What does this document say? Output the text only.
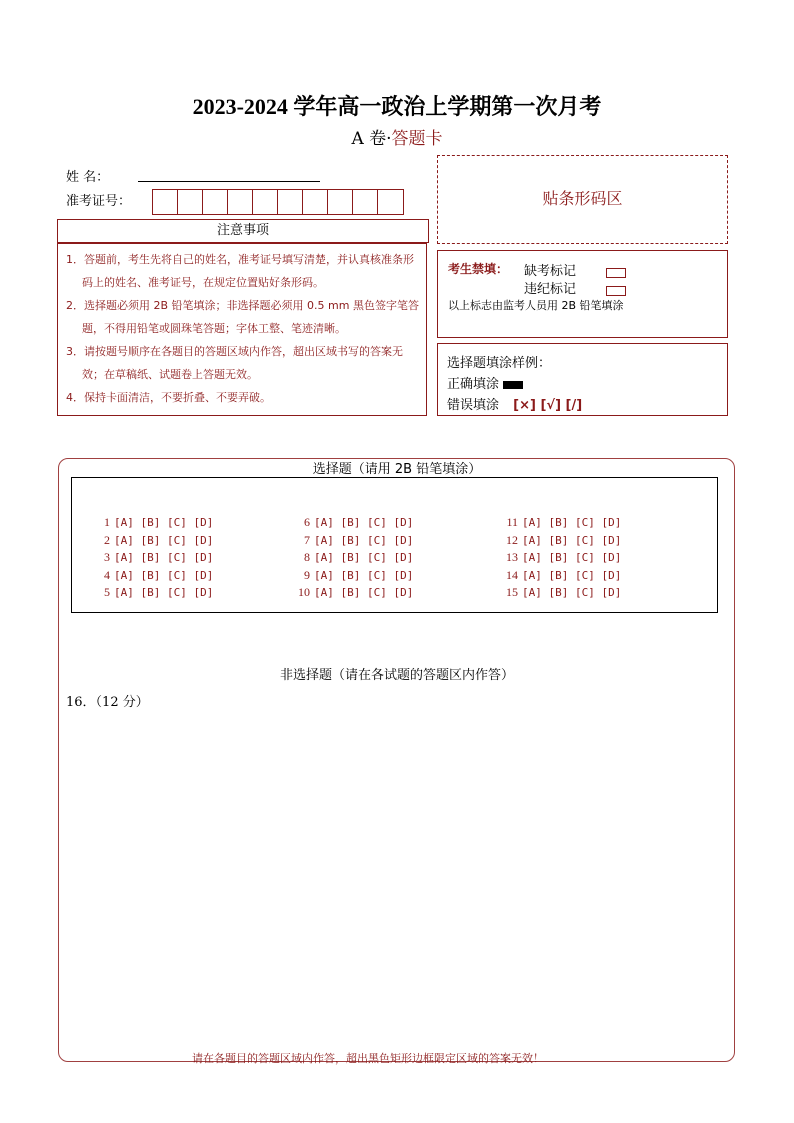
2023-2024 学年高一政治上学期第一次月考
A 卷·答题卡
姓 名：
准考证号：
注意事项
1．答题前，考生先将自己的姓名，准考证号填写清楚，并认真核准条形码上的姓名、准考证号，在规定位置贴好条形码。
2．选择题必须用 2B 铅笔填涂；非选择题必须用 0.5 mm 黑色签字笔答题，不得用铅笔或圆珠笔答题；字体工整、笔迹清晰。
3．请按题号顺序在各题目的答题区域内作答，超出区域书写的答案无效；在草稿纸、试题卷上答题无效。
4．保持卡面清洁，不要折叠、不要弄破。
贴条形码区
考生禁填： 缺考标记
违纪标记
以上标志由监考人员用 2B 铅笔填涂
选择题填涂样例：
正确填涂
错误填涂 [×] [√] [/]
选择题（请用 2B 铅笔填涂）
1 [A] [B] [C] [D]
2 [A] [B] [C] [D]
3 [A] [B] [C] [D]
4 [A] [B] [C] [D]
5 [A] [B] [C] [D]
6 [A] [B] [C] [D]
7 [A] [B] [C] [D]
8 [A] [B] [C] [D]
9 [A] [B] [C] [D]
10 [A] [B] [C] [D]
11 [A] [B] [C] [D]
12 [A] [B] [C] [D]
13 [A] [B] [C] [D]
14 [A] [B] [C] [D]
15 [A] [B] [C] [D]
非选择题（请在各试题的答题区内作答）
16．（12 分）
请在各题目的答题区域内作答，超出黑色矩形边框限定区域的答案无效！
